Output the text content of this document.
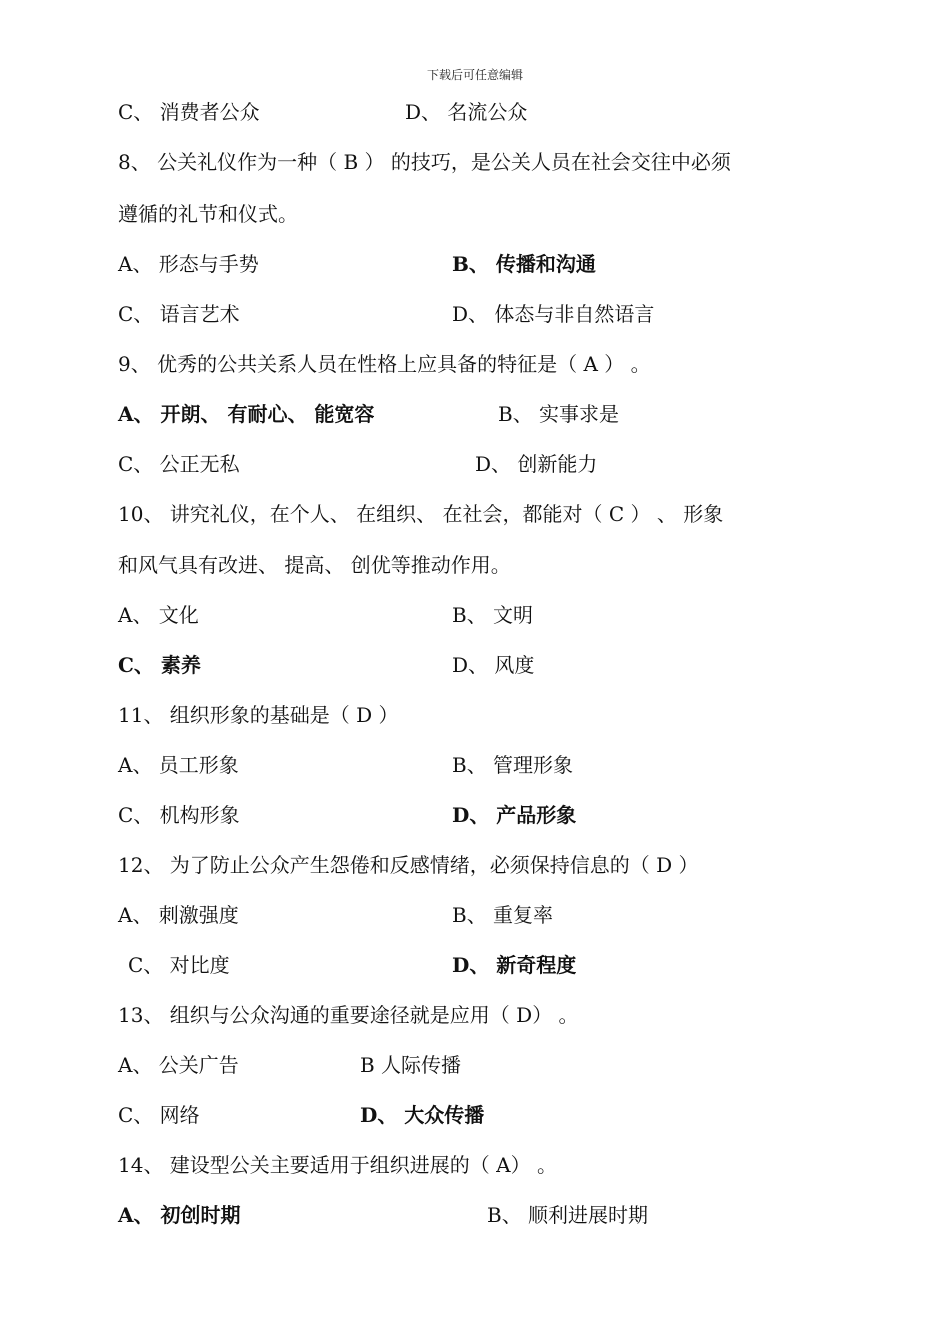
下载后可任意编辑
C、 消费者公众	D、 名流公众
8、 公关礼仪作为一种（ B ） 的技巧，是公关人员在社会交往中必须
遵循的礼节和仪式。
A、 形态与手势	B、 传播和沟通
C、 语言艺术	D、 体态与非自然语言
9、 优秀的公共关系人员在性格上应具备的特征是（ A ） 。
A、 开朗、 有耐心、 能宽容	B、 实事求是
C、 公正无私	D、 创新能力
10、 讲究礼仪，在个人、 在组织、 在社会，都能对（ C ） 、 形象
和风气具有改进、 提高、 创优等推动作用。
A、 文化	B、 文明
C、 素养	D、 风度
11、 组织形象的基础是（ D ）
A、 员工形象	B、 管理形象
C、 机构形象	D、 产品形象
12、 为了防止公众产生怨倦和反感情绪，必须保持信息的（ D ）
A、 刺激强度	B、 重复率
C、 对比度	D、 新奇程度
13、 组织与公众沟通的重要途径就是应用（ D） 。
A、 公关广告	B 人际传播
C、 网络	D、 大众传播
14、 建设型公关主要适用于组织进展的（ A） 。
A、 初创时期	B、 顺利进展时期
